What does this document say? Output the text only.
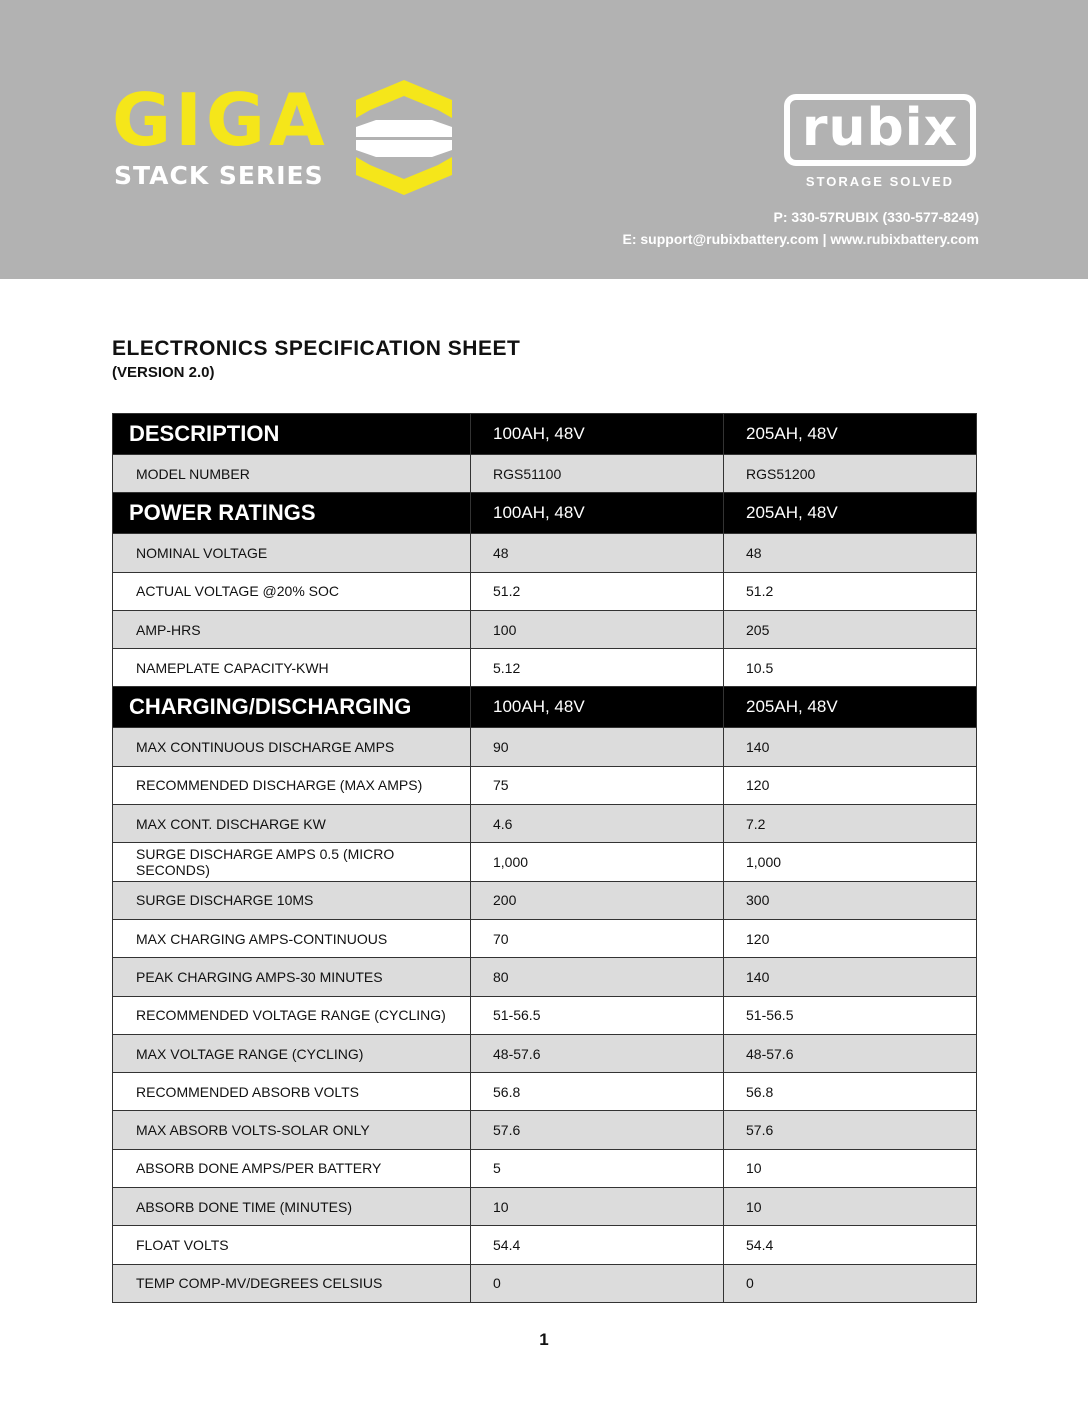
GIGA
STACK SERIES
rubix
STORAGE SOLVED
P: 330-57RUBIX (330-577-8249)
E: support@rubixbattery.com | www.rubixbattery.com
ELECTRONICS SPECIFICATION SHEET
(VERSION 2.0)
DESCRIPTION	100AH, 48V	205AH, 48V
MODEL NUMBER	RGS51100	RGS51200
POWER RATINGS	100AH, 48V	205AH, 48V
NOMINAL VOLTAGE	48	48
ACTUAL VOLTAGE @20% SOC	51.2	51.2
AMP-HRS	100	205
NAMEPLATE CAPACITY-KWH	5.12	10.5
CHARGING/DISCHARGING	100AH, 48V	205AH, 48V
MAX CONTINUOUS DISCHARGE AMPS	90	140
RECOMMENDED DISCHARGE (MAX AMPS)	75	120
MAX CONT. DISCHARGE KW	4.6	7.2
SURGE DISCHARGE AMPS 0.5 (MICRO SECONDS)	1,000	1,000
SURGE DISCHARGE 10MS	200	300
MAX CHARGING AMPS-CONTINUOUS	70	120
PEAK CHARGING AMPS-30 MINUTES	80	140
RECOMMENDED VOLTAGE RANGE (CYCLING)	51-56.5	51-56.5
MAX VOLTAGE RANGE (CYCLING)	48-57.6	48-57.6
RECOMMENDED ABSORB VOLTS	56.8	56.8
MAX ABSORB VOLTS-SOLAR ONLY	57.6	57.6
ABSORB DONE AMPS/PER BATTERY	5	10
ABSORB DONE TIME (MINUTES)	10	10
FLOAT VOLTS	54.4	54.4
TEMP COMP-MV/DEGREES CELSIUS	0	0
1
